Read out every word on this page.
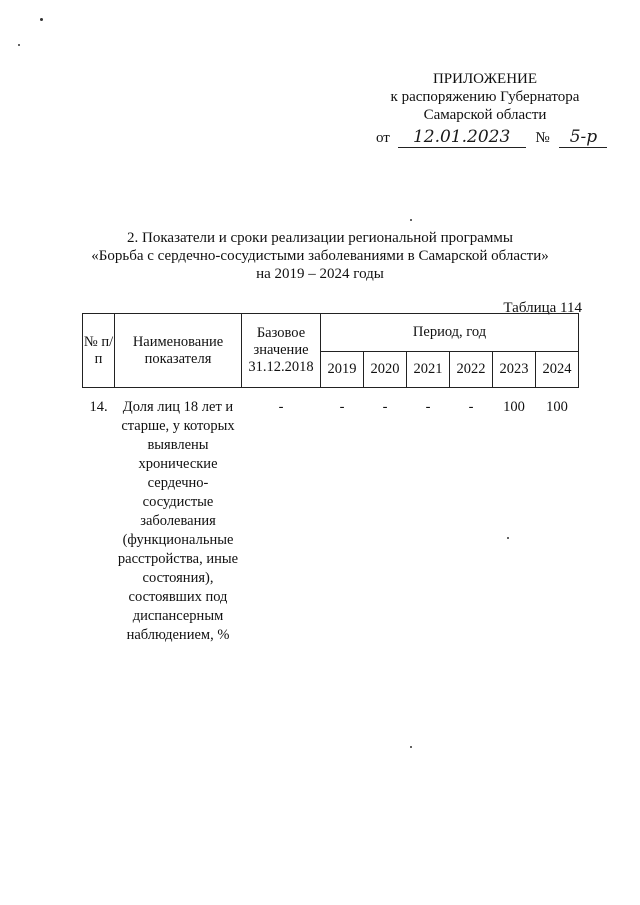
ПРИЛОЖЕНИЕ
к распоряжению Губернатора
Самарской области
от 12.01.2023 № 5-р
2. Показатели и сроки реализации региональной программы
«Борьба с сердечно-сосудистыми заболеваниями в Самарской области»
на 2019 – 2024 годы
Таблица 114
№ п/п	Наименование показателя	Базовое значение 31.12.2018	Период, год					
			2019	2020	2021	2022	2023	2024
14.	Доля лиц 18 лет и старше, у которых выявлены хронические сердечно-сосудистые заболевания (функциональные расстройства, иные состояния), состоявших под диспансерным наблюдением, %	-	-	-	-	-	100	100
